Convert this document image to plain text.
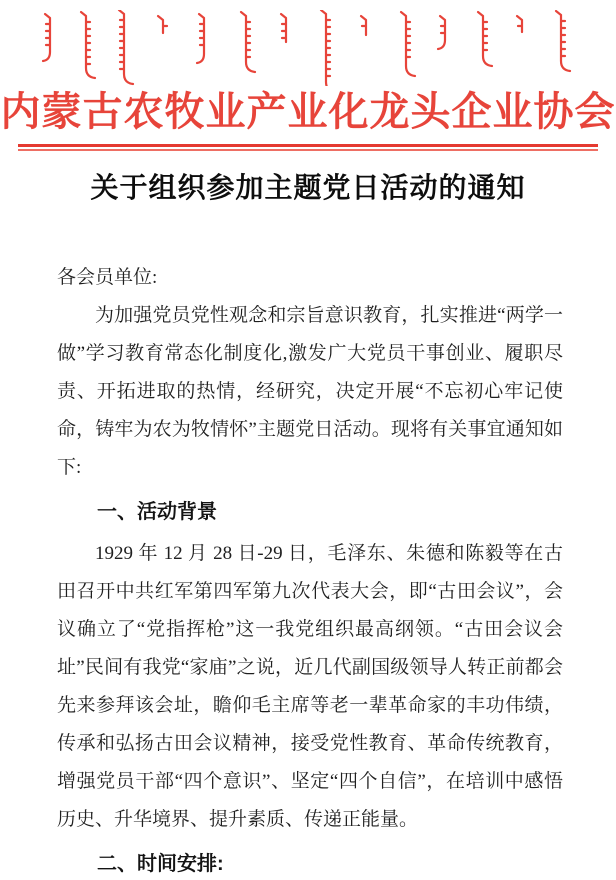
内蒙古农牧业产业化龙头企业协会
关于组织参加主题党日活动的通知

各会员单位:

为加强党员党性观念和宗旨意识教育，扎实推进“两学一做”学习教育常态化制度化,激发广大党员干事创业、履职尽责、开拓进取的热情，经研究，决定开展“不忘初心牢记使命，铸牢为农为牧情怀”主题党日活动。现将有关事宜通知如下:

一、活动背景

1929 年 12 月 28 日-29 日，毛泽东、朱德和陈毅等在古田召开中共红军第四军第九次代表大会，即“古田会议”，会议确立了“党指挥枪”这一我党组织最高纲领。“古田会议会址”民间有我党“家庙”之说，近几代副国级领导人转正前都会先来参拜该会址，瞻仰毛主席等老一辈革命家的丰功伟绩，传承和弘扬古田会议精神，接受党性教育、革命传统教育，增强党员干部“四个意识”、坚定“四个自信”，在培训中感悟历史、升华境界、提升素质、传递正能量。

二、时间安排:
